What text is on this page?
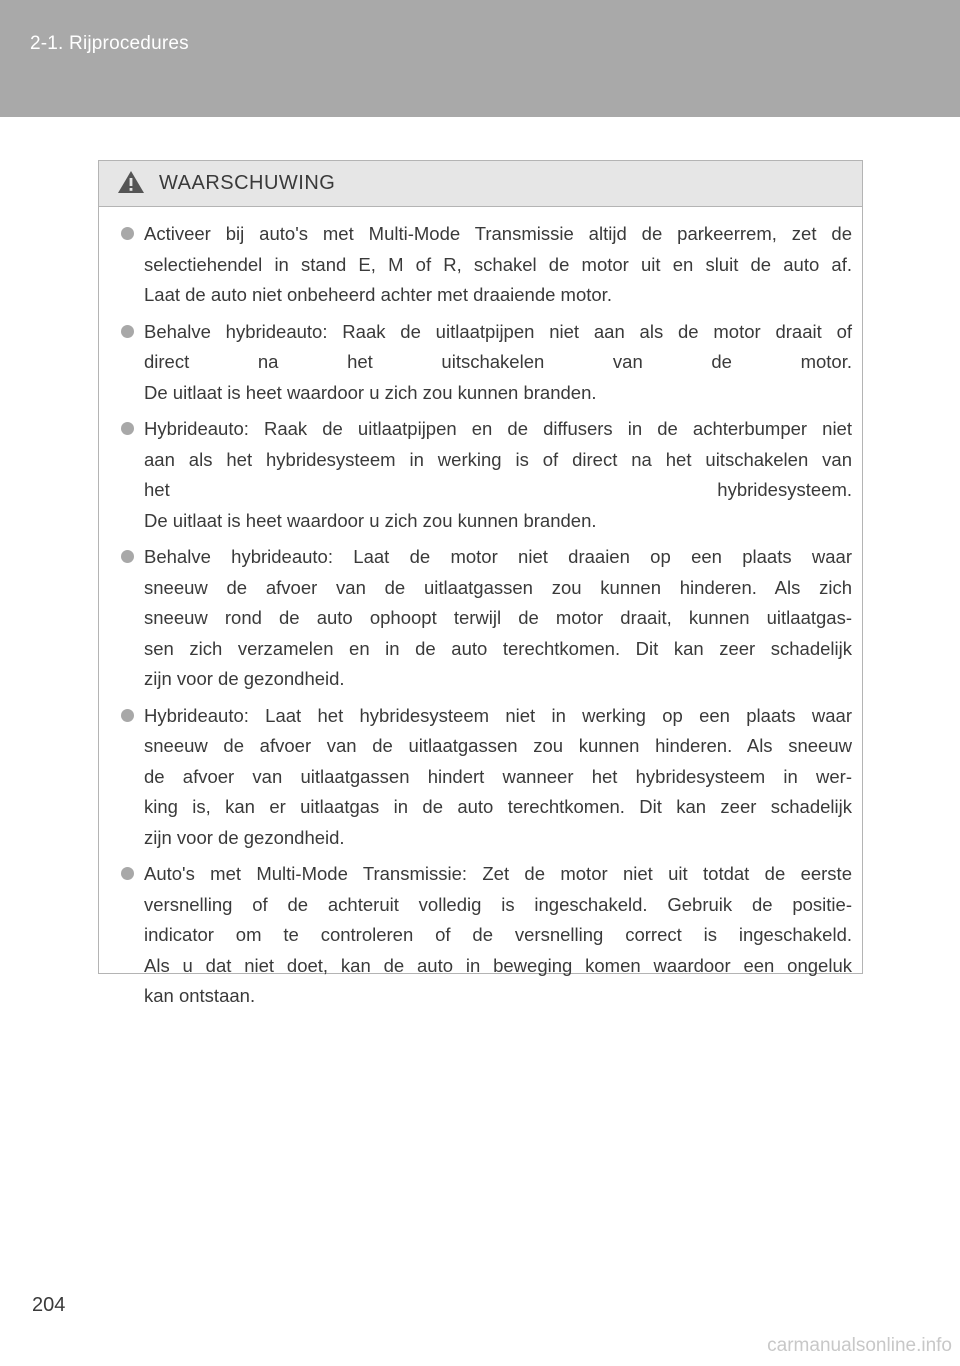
2-1. Rijprocedures
WAARSCHUWING
Activeer bij auto's met Multi-Mode Transmissie altijd de parkeerrem, zet de
selectiehendel in stand E, M of R, schakel de motor uit en sluit de auto af.
Laat de auto niet onbeheerd achter met draaiende motor.
Behalve hybrideauto: Raak de uitlaatpijpen niet aan als de motor draait of
direct na het uitschakelen van de motor.
De uitlaat is heet waardoor u zich zou kunnen branden.
Hybrideauto: Raak de uitlaatpijpen en de diffusers in de achterbumper niet
aan als het hybridesysteem in werking is of direct na het uitschakelen van
het hybridesysteem.
De uitlaat is heet waardoor u zich zou kunnen branden.
Behalve hybrideauto: Laat de motor niet draaien op een plaats waar
sneeuw de afvoer van de uitlaatgassen zou kunnen hinderen. Als zich
sneeuw rond de auto ophoopt terwijl de motor draait, kunnen uitlaatgas-
sen zich verzamelen en in de auto terechtkomen. Dit kan zeer schadelijk
zijn voor de gezondheid.
Hybrideauto: Laat het hybridesysteem niet in werking op een plaats waar
sneeuw de afvoer van de uitlaatgassen zou kunnen hinderen. Als sneeuw
de afvoer van uitlaatgassen hindert wanneer het hybridesysteem in wer-
king is, kan er uitlaatgas in de auto terechtkomen. Dit kan zeer schadelijk
zijn voor de gezondheid.
Auto's met Multi-Mode Transmissie: Zet de motor niet uit totdat de eerste
versnelling of de achteruit volledig is ingeschakeld. Gebruik de positie-
indicator om te controleren of de versnelling correct is ingeschakeld.
Als u dat niet doet, kan de auto in beweging komen waardoor een ongeluk
kan ontstaan.
204
carmanualsonline.info
